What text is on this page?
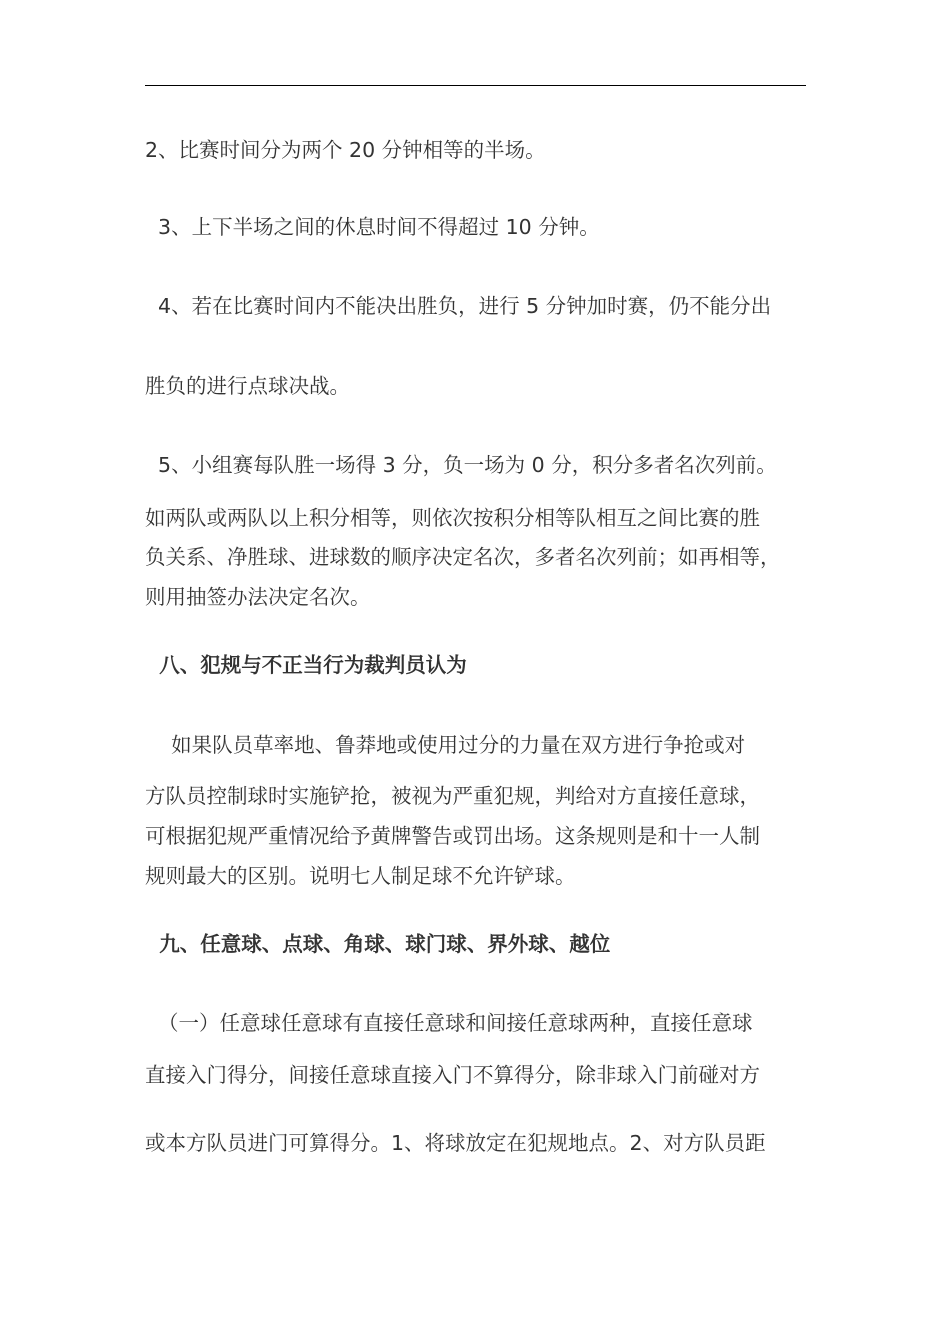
2、比赛时间分为两个 20 分钟相等的半场。
3、上下半场之间的休息时间不得超过 10 分钟。
4、若在比赛时间内不能决出胜负，进行 5 分钟加时赛，仍不能分出
胜负的进行点球决战。
5、小组赛每队胜一场得 3 分，负一场为 0 分，积分多者名次列前。
如两队或两队以上积分相等，则依次按积分相等队相互之间比赛的胜
负关系、净胜球、进球数的顺序决定名次，多者名次列前；如再相等，
则用抽签办法决定名次。
八、犯规与不正当行为裁判员认为
如果队员草率地、鲁莽地或使用过分的力量在双方进行争抢或对
方队员控制球时实施铲抢，被视为严重犯规，判给对方直接任意球，
可根据犯规严重情况给予黄牌警告或罚出场。这条规则是和十一人制
规则最大的区别。说明七人制足球不允许铲球。
九、任意球、点球、角球、球门球、界外球、越位
（一）任意球任意球有直接任意球和间接任意球两种，直接任意球
直接入门得分，间接任意球直接入门不算得分，除非球入门前碰对方
或本方队员进门可算得分。1、将球放定在犯规地点。2、对方队员距
